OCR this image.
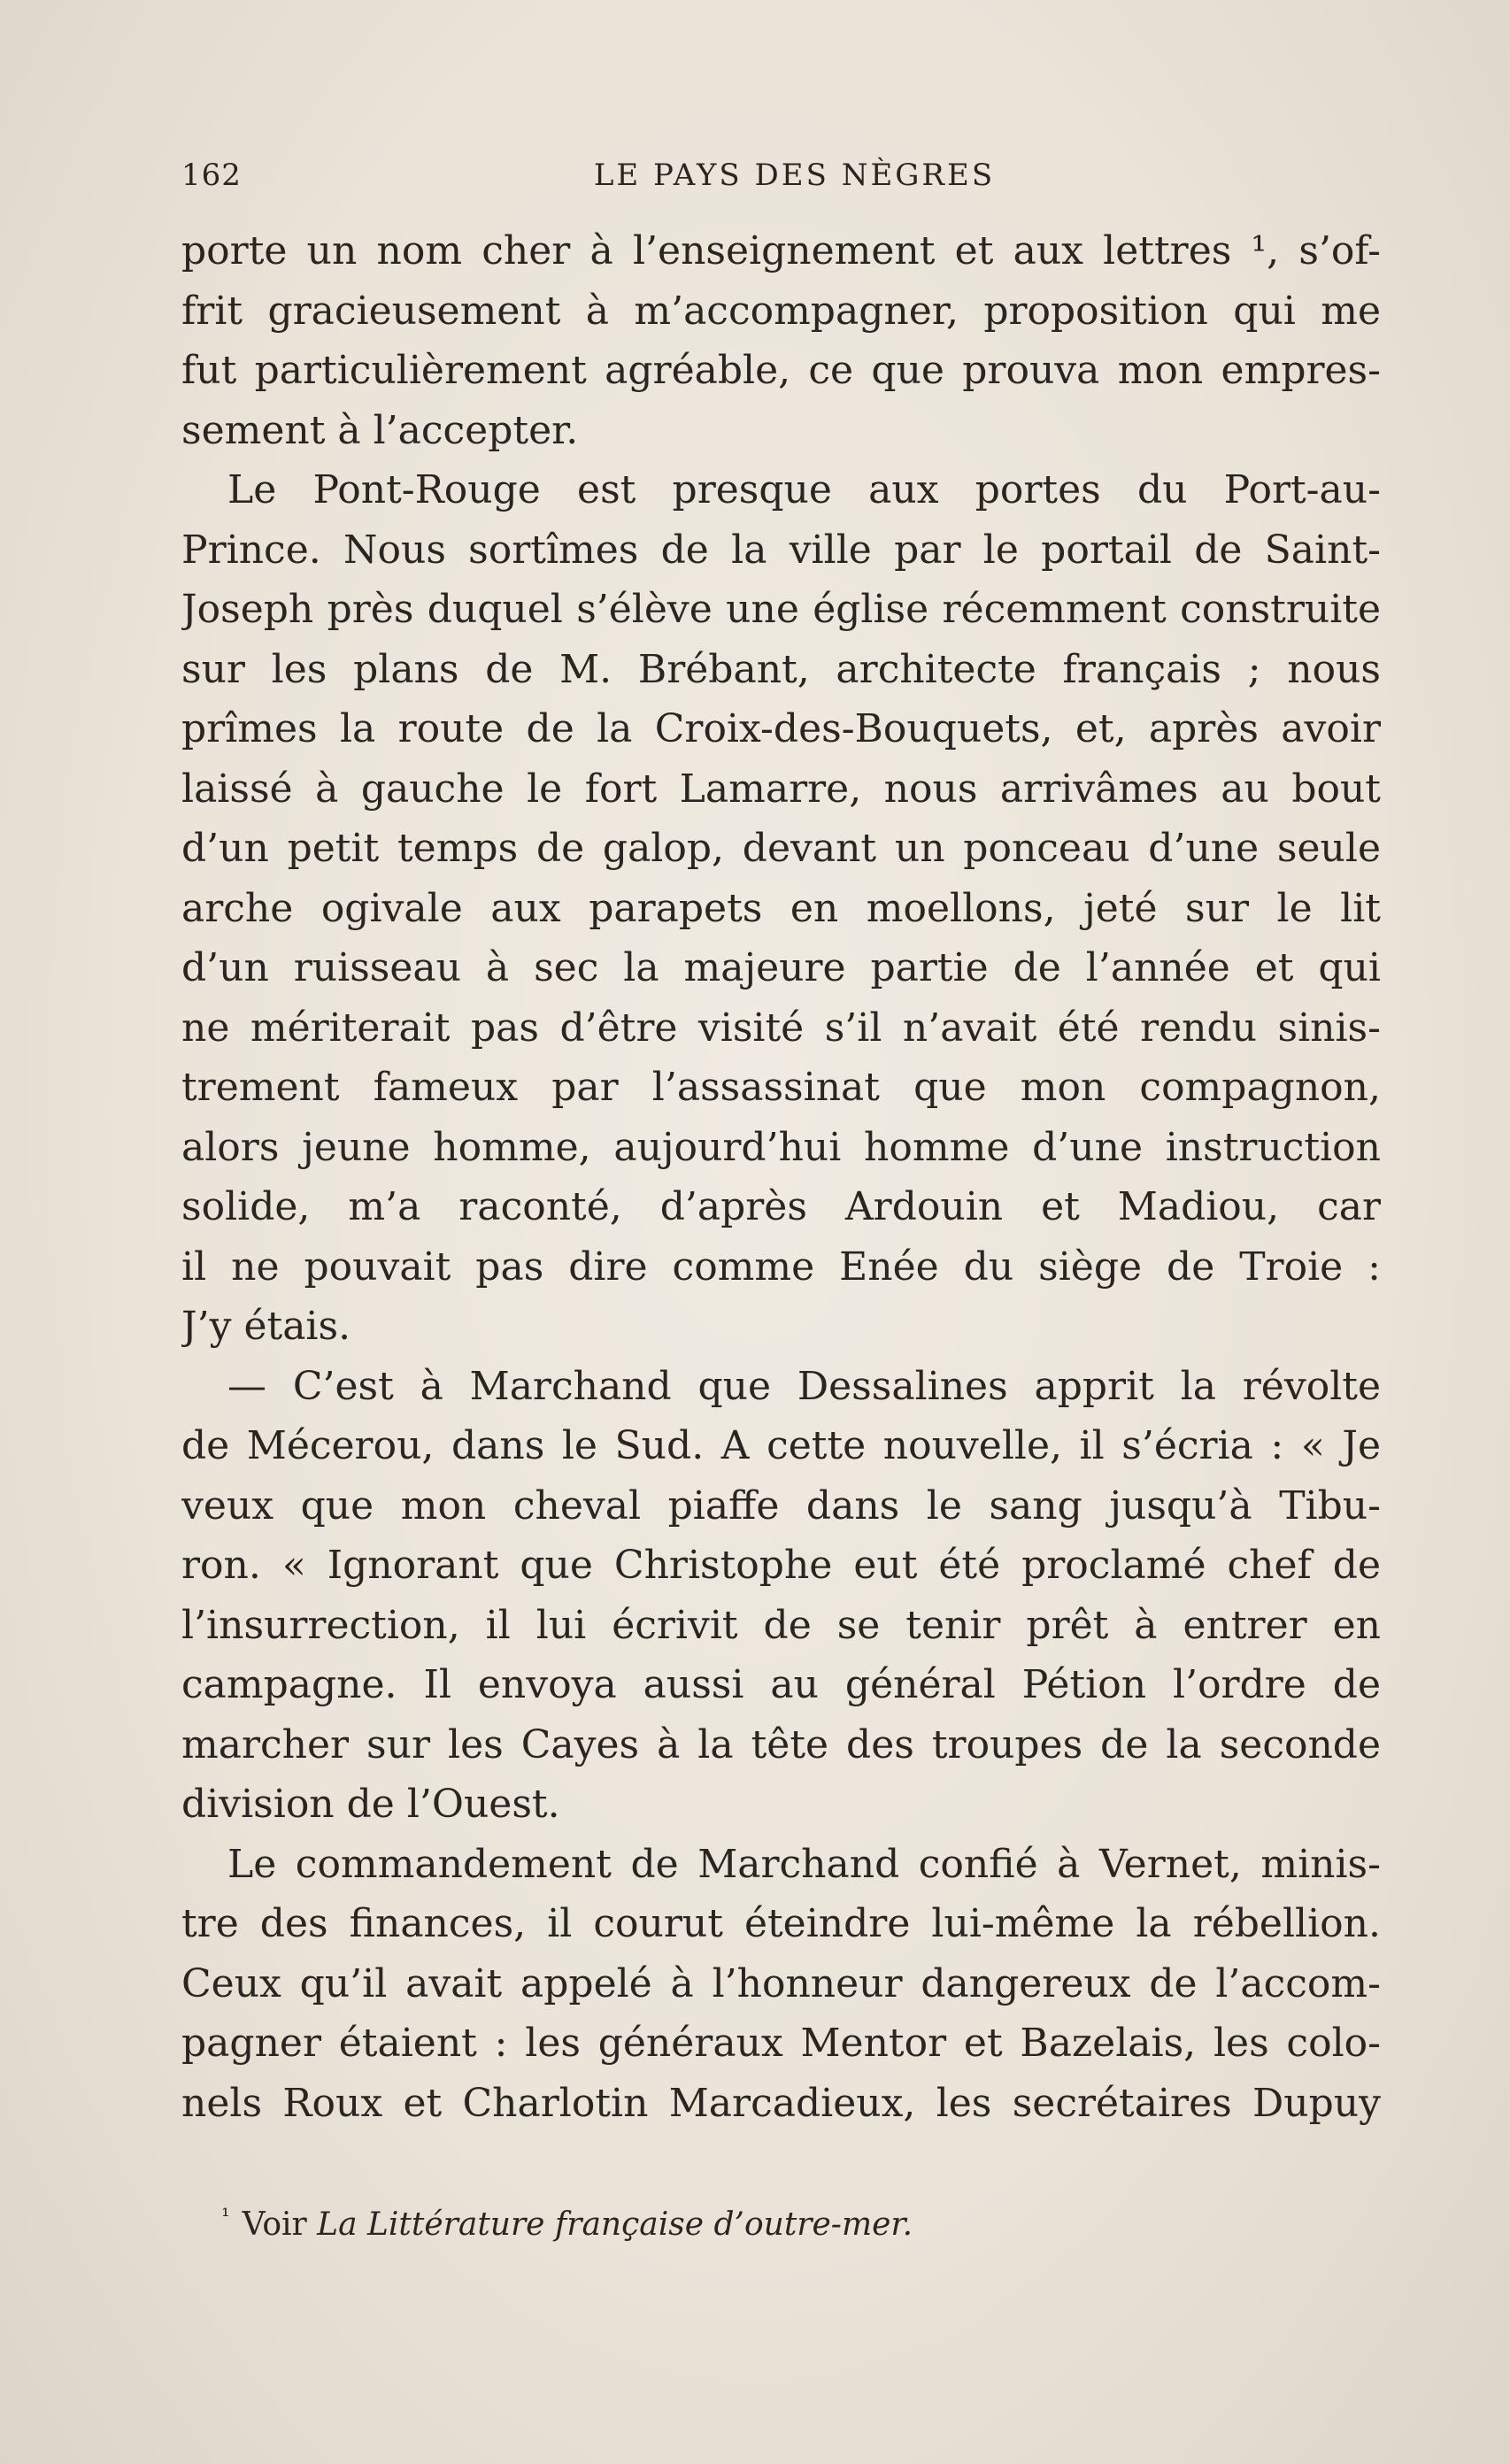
162	LE PAYS DES NÈGRES
porte un nom cher à l’enseignement et aux lettres ¹, s’of-
frit gracieusement à m’accompagner, proposition qui me
fut particulièrement agréable, ce que prouva mon empres-
sement à l’accepter.
Le Pont-Rouge est presque aux portes du Port-au-
Prince. Nous sortîmes de la ville par le portail de Saint-
Joseph près duquel s’élève une église récemment construite
sur les plans de M. Brébant, architecte français ; nous
prîmes la route de la Croix-des-Bouquets, et, après avoir
laissé à gauche le fort Lamarre, nous arrivâmes au bout
d’un petit temps de galop, devant un ponceau d’une seule
arche ogivale aux parapets en moellons, jeté sur le lit
d’un ruisseau à sec la majeure partie de l’année et qui
ne mériterait pas d’être visité s’il n’avait été rendu sinis-
trement fameux par l’assassinat que mon compagnon,
alors jeune homme, aujourd’hui homme d’une instruction
solide, m’a raconté, d’après Ardouin et Madiou, car
il ne pouvait pas dire comme Enée du siège de Troie :
J’y étais.
— C’est à Marchand que Dessalines apprit la révolte
de Mécerou, dans le Sud. A cette nouvelle, il s’écria : « Je
veux que mon cheval piaffe dans le sang jusqu’à Tibu-
ron. « Ignorant que Christophe eut été proclamé chef de
l’insurrection, il lui écrivit de se tenir prêt à entrer en
campagne. Il envoya aussi au général Pétion l’ordre de
marcher sur les Cayes à la tête des troupes de la seconde
division de l’Ouest.
Le commandement de Marchand confié à Vernet, minis-
tre des finances, il courut éteindre lui-même la rébellion.
Ceux qu’il avait appelé à l’honneur dangereux de l’accom-
pagner étaient : les généraux Mentor et Bazelais, les colo-
nels Roux et Charlotin Marcadieux, les secrétaires Dupuy
$^{^1}$ Voir La Littérature française d’outre-mer.
